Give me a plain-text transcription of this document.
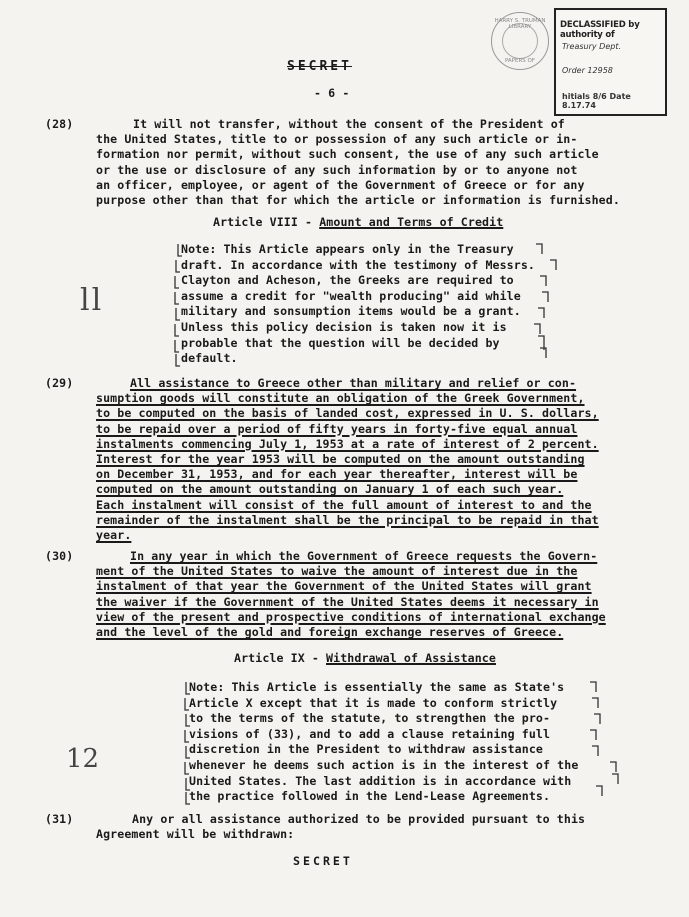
HARRY S. TRUMAN LIBRARY
PAPERS OF
DECLASSIFIED by authority of
Treasury Dept.
Order 12958
hitials 8/6 Date 8.17.74
SECRET
- 6 -
(28)	It will not transfer, without the consent of the President of
the United States, title to or possession of any such article or in-
formation nor permit, without such consent, the use of any such article
or the use or disclosure of any such information by or to anyone not
an officer, employee, or agent of the Government of Greece or for any
purpose other than that for which the article or information is furnished.
Article VIII - Amount and Terms of Credit
Note: This Article appears only in the Treasury
draft. In accordance with the testimony of Messrs.
Clayton and Acheson, the Greeks are required to
assume a credit for "wealth producing" aid while
military and sonsumption items would be a grant.
Unless this policy decision is taken now it is
probable that the question will be decided by
default.
ll
(29)	All assistance to Greece other than military and relief or con-
sumption goods will constitute an obligation of the Greek Government,
to be computed on the basis of landed cost, expressed in U. S. dollars,
to be repaid over a period of fifty years in forty-five equal annual
instalments commencing July 1, 1953 at a rate of interest of 2 percent.
Interest for the year 1953 will be computed on the amount outstanding
on December 31, 1953, and for each year thereafter, interest will be
computed on the amount outstanding on January 1 of each such year.
Each instalment will consist of the full amount of interest to and the
remainder of the instalment shall be the principal to be repaid in that
year.
(30)	In any year in which the Government of Greece requests the Govern-
ment of the United States to waive the amount of interest due in the
instalment of that year the Government of the United States will grant
the waiver if the Government of the United States deems it necessary in
view of the present and prospective conditions of international exchange
and the level of the gold and foreign exchange reserves of Greece.
Article IX - Withdrawal of Assistance
Note: This Article is essentially the same as State's
Article X except that it is made to conform strictly
to the terms of the statute, to strengthen the pro-
visions of (33), and to add a clause retaining full
discretion in the President to withdraw assistance
whenever he deems such action is in the interest of the
United States. The last addition is in accordance with
the practice followed in the Lend-Lease Agreements.
12
(31)	Any or all assistance authorized to be provided pursuant to this
Agreement will be withdrawn:
SECRET
